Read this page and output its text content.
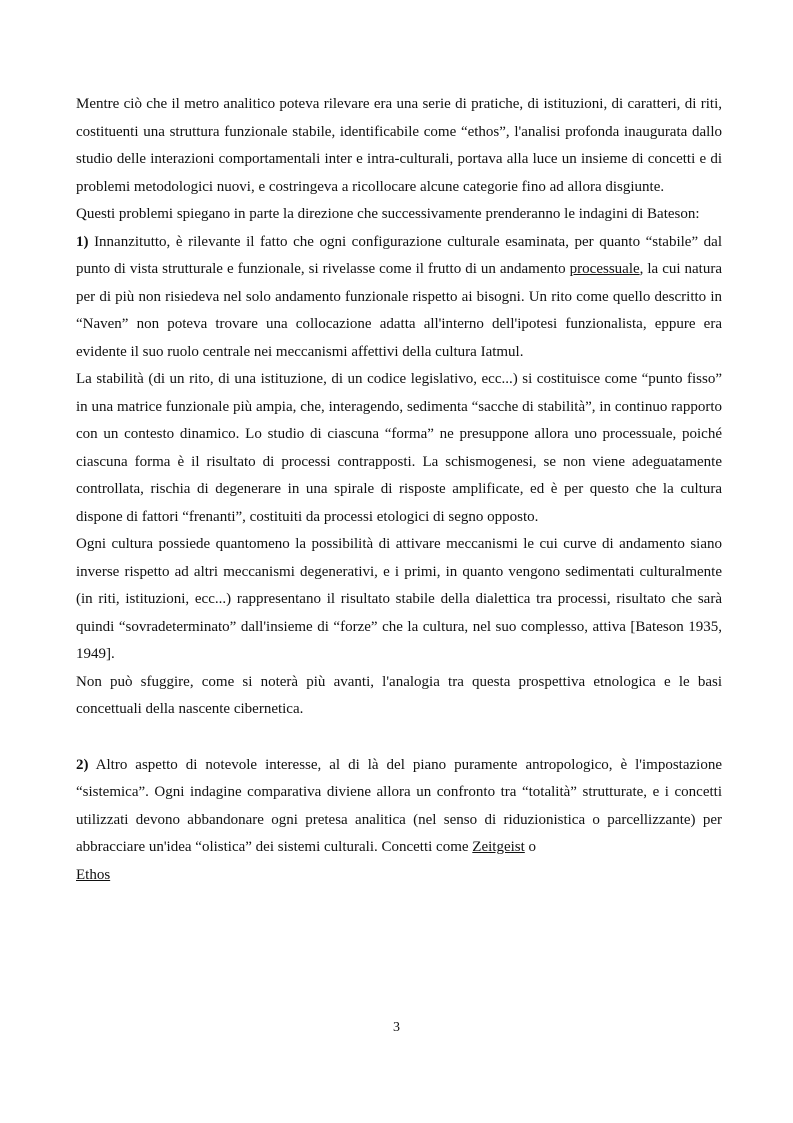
Mentre ciò che il metro analitico poteva rilevare era una serie di pratiche, di istituzioni, di caratteri, di riti, costituenti una struttura funzionale stabile, identificabile come “ethos”, l'analisi profonda inaugurata dallo studio delle interazioni comportamentali inter e intra-culturali, portava alla luce un insieme di concetti e di problemi metodologici nuovi, e costringeva a ricollocare alcune categorie fino ad allora disgiunte.

Questi problemi spiegano in parte la direzione che successivamente prenderanno le indagini di Bateson:

1) Innanzitutto, è rilevante il fatto che ogni configurazione culturale esaminata, per quanto “stabile” dal punto di vista strutturale e funzionale, si rivelasse come il frutto di un andamento processuale, la cui natura per di più non risiedeva nel solo andamento funzionale rispetto ai bisogni. Un rito come quello descritto in “Naven” non poteva trovare una collocazione adatta all'interno dell'ipotesi funzionalista, eppure era evidente il suo ruolo centrale nei meccanismi affettivi della cultura Iatmul.

La stabilità (di un rito, di una istituzione, di un codice legislativo, ecc...) si costituisce come “punto fisso” in una matrice funzionale più ampia, che, interagendo, sedimenta “sacche di stabilità”, in continuo rapporto con un contesto dinamico. Lo studio di ciascuna “forma” ne presuppone allora uno processuale, poiché ciascuna forma è il risultato di processi contrapposti. La schismogenesi, se non viene adeguatamente controllata, rischia di degenerare in una spirale di risposte amplificate, ed è per questo che la cultura dispone di fattori “frenanti”, costituiti da processi etologici di segno opposto.

Ogni cultura possiede quantomeno la possibilità di attivare meccanismi le cui curve di andamento siano inverse rispetto ad altri meccanismi degenerativi, e i primi, in quanto vengono sedimentati culturalmente (in riti, istituzioni, ecc...) rappresentano il risultato stabile della dialettica tra processi, risultato che sarà quindi “sovradeterminato” dall'insieme di “forze” che la cultura, nel suo complesso, attiva [Bateson 1935, 1949].

Non può sfuggire, come si noterà più avanti, l'analogia tra questa prospettiva etnologica e le basi concettuali della nascente cibernetica.

2) Altro aspetto di notevole interesse, al di là del piano puramente antropologico, è l'impostazione “sistemica”. Ogni indagine comparativa diviene allora un confronto tra “totalità” strutturate, e i concetti utilizzati devono abbandonare ogni pretesa analitica (nel senso di riduzionistica o parcellizzante) per abbracciare un'idea “olistica” dei sistemi culturali. Concetti come Zeitgeist o
Ethos

3
